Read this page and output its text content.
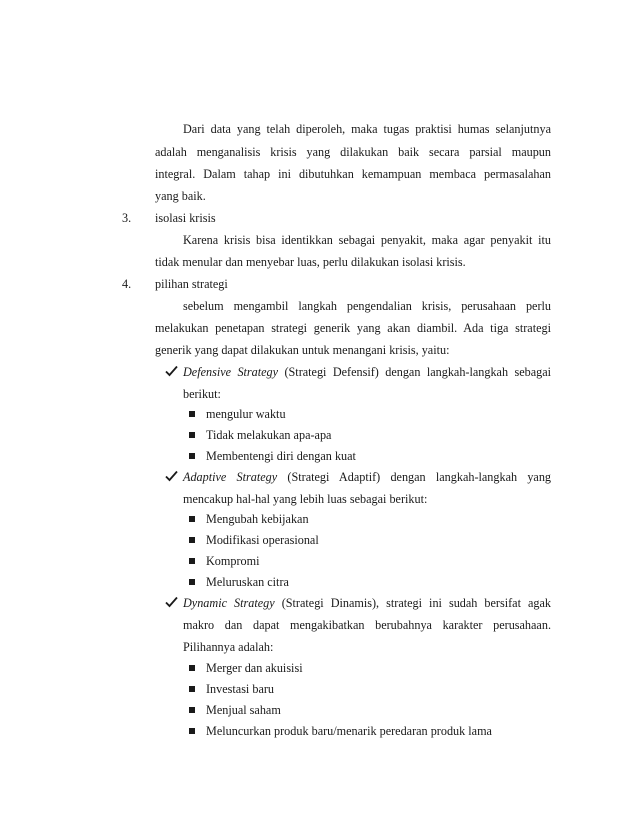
Dari data yang telah diperoleh, maka tugas praktisi humas selanjutnya
adalah menganalisis krisis yang dilakukan baik secara parsial maupun
integral. Dalam tahap ini dibutuhkan kemampuan membaca permasalahan
yang baik.
3. isolasi krisis
Karena krisis bisa identikkan sebagai penyakit, maka agar penyakit itu
tidak menular dan menyebar luas, perlu dilakukan isolasi krisis.
4. pilihan strategi
sebelum mengambil langkah pengendalian krisis, perusahaan perlu
melakukan penetapan strategi generik yang akan diambil. Ada tiga strategi
generik yang dapat dilakukan untuk menangani krisis, yaitu:
Defensive Strategy (Strategi Defensif) dengan langkah-langkah sebagai
berikut:
mengulur waktu
Tidak melakukan apa-apa
Membentengi diri dengan kuat
Adaptive Strategy (Strategi Adaptif) dengan langkah-langkah yang
mencakup hal-hal yang lebih luas sebagai berikut:
Mengubah kebijakan
Modifikasi operasional
Kompromi
Meluruskan citra
Dynamic Strategy (Strategi Dinamis), strategi ini sudah bersifat agak
makro dan dapat mengakibatkan berubahnya karakter perusahaan.
Pilihannya adalah:
Merger dan akuisisi
Investasi baru
Menjual saham
Meluncurkan produk baru/menarik peredaran produk lama
